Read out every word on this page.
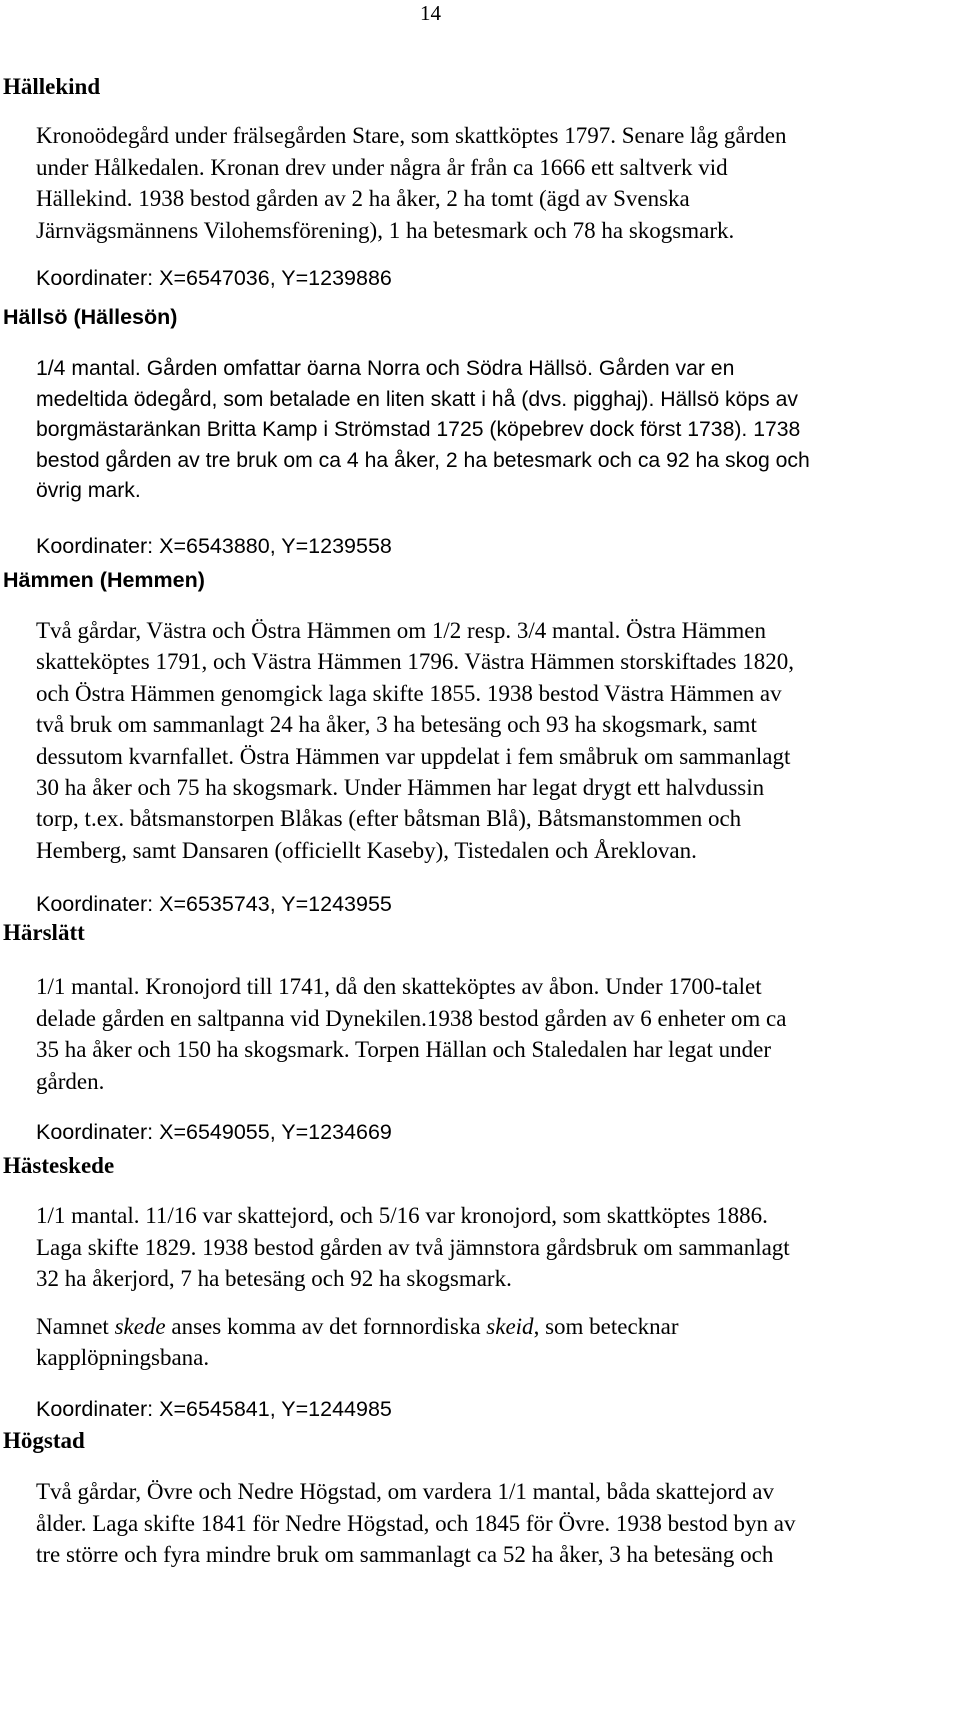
14
Hällekind
Kronoödegård under frälsegården Stare, som skattköptes 1797. Senare låg gården
under Hålkedalen. Kronan drev under några år från ca 1666 ett saltverk vid
Hällekind. 1938 bestod gården av 2 ha åker, 2 ha tomt (ägd av Svenska
Järnvägsmännens Vilohemsförening), 1 ha betesmark och 78 ha skogsmark.

Koordinater: X=6547036, Y=1239886

Hällsö (Hällesön)
1/4 mantal. Gården omfattar öarna Norra och Södra Hällsö. Gården var en
medeltida ödegård, som betalade en liten skatt i hå (dvs. pigghaj). Hällsö köps av
borgmästaränkan Britta Kamp i Strömstad 1725 (köpebrev dock först 1738). 1738
bestod gården av tre bruk om ca 4 ha åker, 2 ha betesmark och ca 92 ha skog och
övrig mark.

Koordinater: X=6543880, Y=1239558

Hämmen (Hemmen)
Två gårdar, Västra och Östra Hämmen om 1/2 resp. 3/4 mantal. Östra Hämmen
skatteköptes 1791, och Västra Hämmen 1796. Västra Hämmen storskiftades 1820,
och Östra Hämmen genomgick laga skifte 1855. 1938 bestod Västra Hämmen av
två bruk om sammanlagt 24 ha åker, 3 ha betesäng och 93 ha skogsmark, samt
dessutom kvarnfallet. Östra Hämmen var uppdelat i fem småbruk om sammanlagt
30 ha åker och 75 ha skogsmark. Under Hämmen har legat drygt ett halvdussin
torp, t.ex. båtsmanstorpen Blåkas (efter båtsman Blå), Båtsmanstommen och
Hemberg, samt Dansaren (officiellt Kaseby), Tistedalen och Åreklovan.

Koordinater: X=6535743, Y=1243955

Härslätt
1/1 mantal. Kronojord till 1741, då den skatteköptes av åbon. Under 1700-talet
delade gården en saltpanna vid Dynekilen.1938 bestod gården av 6 enheter om ca
35 ha åker och 150 ha skogsmark. Torpen Hällan och Staledalen har legat under
gården.

Koordinater: X=6549055, Y=1234669

Hästeskede
1/1 mantal. 11/16 var skattejord, och 5/16 var kronojord, som skattköptes 1886.
Laga skifte 1829. 1938 bestod gården av två jämnstora gårdsbruk om sammanlagt
32 ha åkerjord, 7 ha betesäng och 92 ha skogsmark.
Namnet skede anses komma av det fornnordiska skeid, som betecknar
kapplöpningsbana.

Koordinater: X=6545841, Y=1244985

Högstad
Två gårdar, Övre och Nedre Högstad, om vardera 1/1 mantal, båda skattejord av
ålder. Laga skifte 1841 för Nedre Högstad, och 1845 för Övre. 1938 bestod byn av
tre större och fyra mindre bruk om sammanlagt ca 52 ha åker, 3 ha betesäng och
